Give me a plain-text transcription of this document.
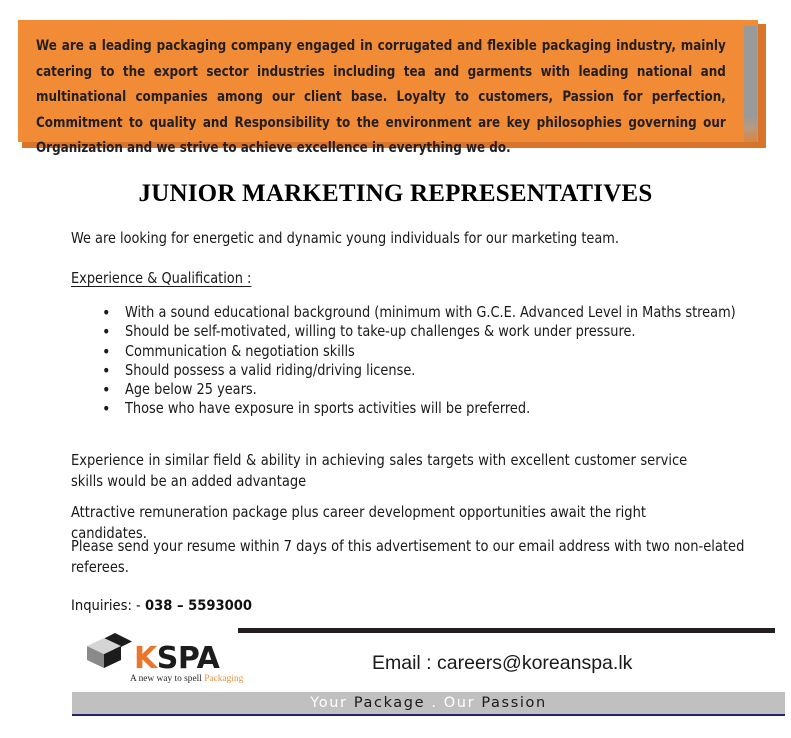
We are a leading packaging company engaged in corrugated and flexible packaging industry, mainly catering to the export sector industries including tea and garments with leading national and multinational companies among our client base. Loyalty to customers, Passion for perfection, Commitment to quality and Responsibility to the environment are key philosophies governing our Organization and we strive to achieve excellence in everything we do.

JUNIOR MARKETING REPRESENTATIVES

We are looking for energetic and dynamic young individuals for our marketing team.

Experience & Qualification :

• With a sound educational background (minimum with G.C.E. Advanced Level in Maths stream)
• Should be self-motivated, willing to take-up challenges & work under pressure.
• Communication & negotiation skills
• Should possess a valid riding/driving license.
• Age below 25 years.
• Those who have exposure in sports activities will be preferred.

Experience in similar field & ability in achieving sales targets with excellent customer service skills would be an added advantage

Attractive remuneration package plus career development opportunities await the right candidates.

Please send your resume within 7 days of this advertisement to our email address with two non-elated referees.

Inquiries: - 038 – 5593000
KSPA
A new way to spell Packaging
Email : careers@koreanspa.lk
Your Package . Our Passion
